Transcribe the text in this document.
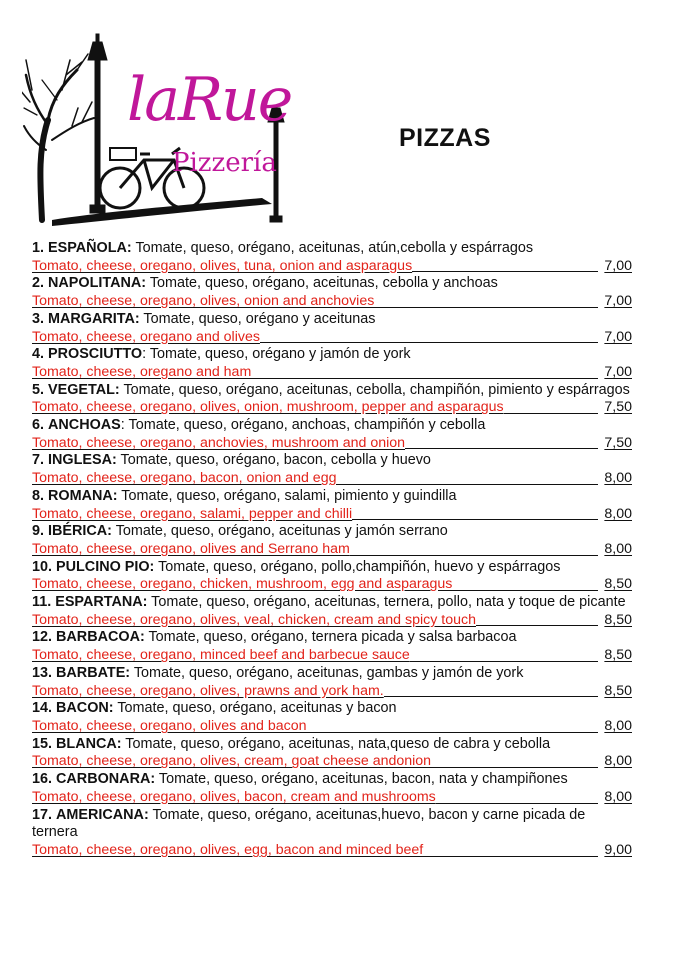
laRue
Pizzería
PIZZAS
1. ESPAÑOLA: Tomate, queso, orégano, aceitunas, atún,cebolla y espárragos
Tomato, cheese, oregano, olives, tuna, onion and asparagus	7,00
2. NAPOLITANA: Tomate, queso, orégano, aceitunas, cebolla y anchoas
Tomato, cheese, oregano, olives, onion and anchovies	7,00
3. MARGARITA: Tomate, queso, orégano y aceitunas
Tomato, cheese, oregano and olives	7,00
4. PROSCIUTTO: Tomate, queso, orégano y jamón de york
Tomato, cheese, oregano and ham	7,00
5. VEGETAL: Tomate, queso, orégano, aceitunas, cebolla, champiñón, pimiento y espárragos
Tomato, cheese, oregano, olives, onion, mushroom, pepper and asparagus	7,50
6. ANCHOAS: Tomate, queso, orégano, anchoas, champiñón y cebolla
Tomato, cheese, oregano, anchovies, mushroom and onion	7,50
7. INGLESA: Tomate, queso, orégano, bacon, cebolla y huevo
Tomato, cheese, oregano, bacon, onion and egg	8,00
8. ROMANA: Tomate, queso, orégano, salami, pimiento y guindilla
Tomato, cheese, oregano, salami, pepper and chilli	8,00
9. IBÉRICA: Tomate, queso, orégano, aceitunas y jamón serrano
Tomato, cheese, oregano, olives and Serrano ham	8,00
10. PULCINO PIO: Tomate, queso, orégano, pollo,champiñón, huevo y espárragos
Tomato, cheese, oregano, chicken, mushroom, egg and asparagus	8,50
11. ESPARTANA: Tomate, queso, orégano, aceitunas, ternera, pollo, nata y toque de picante
Tomato, cheese, oregano, olives, veal, chicken, cream and spicy touch	8,50
12. BARBACOA: Tomate, queso, orégano, ternera picada y salsa barbacoa
Tomato, cheese, oregano, minced beef and barbecue sauce	8,50
13. BARBATE: Tomate, queso, orégano, aceitunas, gambas y jamón de york
Tomato, cheese, oregano, olives, prawns and york ham.	8,50
14. BACON: Tomate, queso, orégano, aceitunas y bacon
Tomato, cheese, oregano, olives and bacon	8,00
15. BLANCA: Tomate, queso, orégano, aceitunas, nata,queso de cabra y cebolla
Tomato, cheese, oregano, olives, cream, goat cheese andonion	8,00
16. CARBONARA: Tomate, queso, orégano, aceitunas, bacon, nata y champiñones
Tomato, cheese, oregano, olives, bacon, cream and mushrooms	8,00
17. AMERICANA: Tomate, queso, orégano, aceitunas,huevo, bacon y carne picada de ternera
Tomato, cheese, oregano, olives, egg, bacon and minced beef	9,00
